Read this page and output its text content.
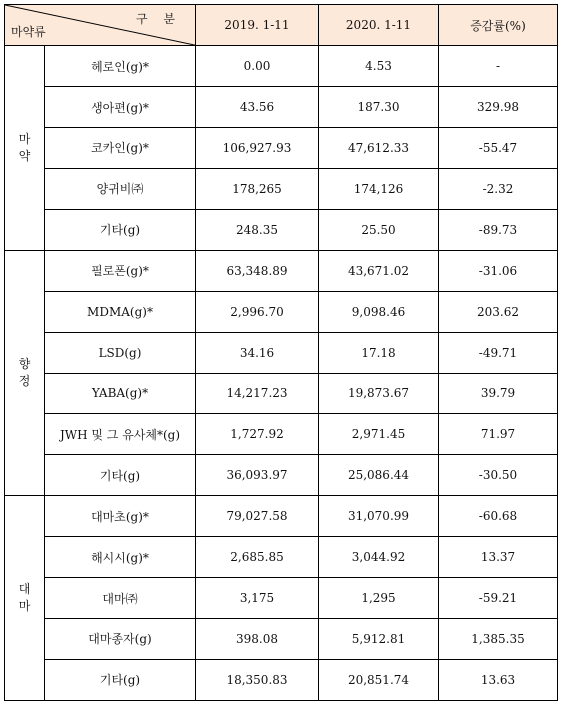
구 분
마약류		2019. 1-11	2020. 1-11	증감률(%)

마
약	헤로인(g)*	0.00	4.53	-
	생아편(g)*	43.56	187.30	329.98
	코카인(g)*	106,927.93	47,612.33	-55.47
	양귀비㈜	178,265	174,126	-2.32
	기타(g)	248.35	25.50	-89.73

향
정	필로폰(g)*	63,348.89	43,671.02	-31.06
	MDMA(g)*	2,996.70	9,098.46	203.62
	LSD(g)	34.16	17.18	-49.71
	YABA(g)*	14,217.23	19,873.67	39.79
	JWH 및 그 유사체*(g)	1,727.92	2,971.45	71.97
	기타(g)	36,093.97	25,086.44	-30.50

대
마	대마초(g)*	79,027.58	31,070.99	-60.68
	해시시(g)*	2,685.85	3,044.92	13.37
	대마㈜	3,175	1,295	-59.21
	대마종자(g)	398.08	5,912.81	1,385.35
	기타(g)	18,350.83	20,851.74	13.63
